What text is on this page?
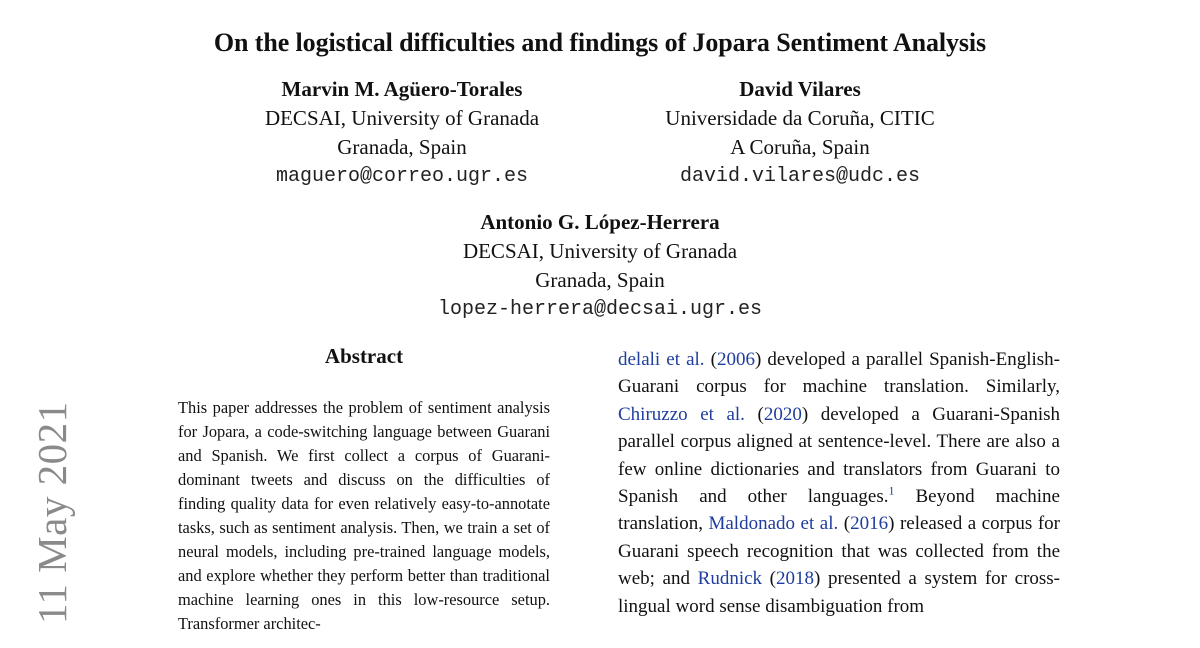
On the logistical difficulties and findings of Jopara Sentiment Analysis
Marvin M. Agüero-Torales
DECSAI, University of Granada
Granada, Spain
maguero@correo.ugr.es
David Vilares
Universidade da Coruña, CITIC
A Coruña, Spain
david.vilares@udc.es
Antonio G. López-Herrera
DECSAI, University of Granada
Granada, Spain
lopez-herrera@decsai.ugr.es
11 May 2021
Abstract

This paper addresses the problem of sentiment analysis for Jopara, a code-switching language between Guarani and Spanish. We first collect a corpus of Guarani-dominant tweets and discuss on the difficulties of finding quality data for even relatively easy-to-annotate tasks, such as sentiment analysis. Then, we train a set of neural models, including pre-trained language models, and explore whether they perform better than traditional machine learning ones in this low-resource setup. Transformer architec-

delali et al. (2006) developed a parallel Spanish-English-Guarani corpus for machine translation. Similarly, Chiruzzo et al. (2020) developed a Guarani-Spanish parallel corpus aligned at sentence-level. There are also a few online dictionaries and translators from Guarani to Spanish and other languages.$^1$ Beyond machine translation, Maldonado et al. (2016) released a corpus for Guarani speech recognition that was collected from the web; and Rudnick (2018) presented a system for cross-lingual word sense disambiguation from
